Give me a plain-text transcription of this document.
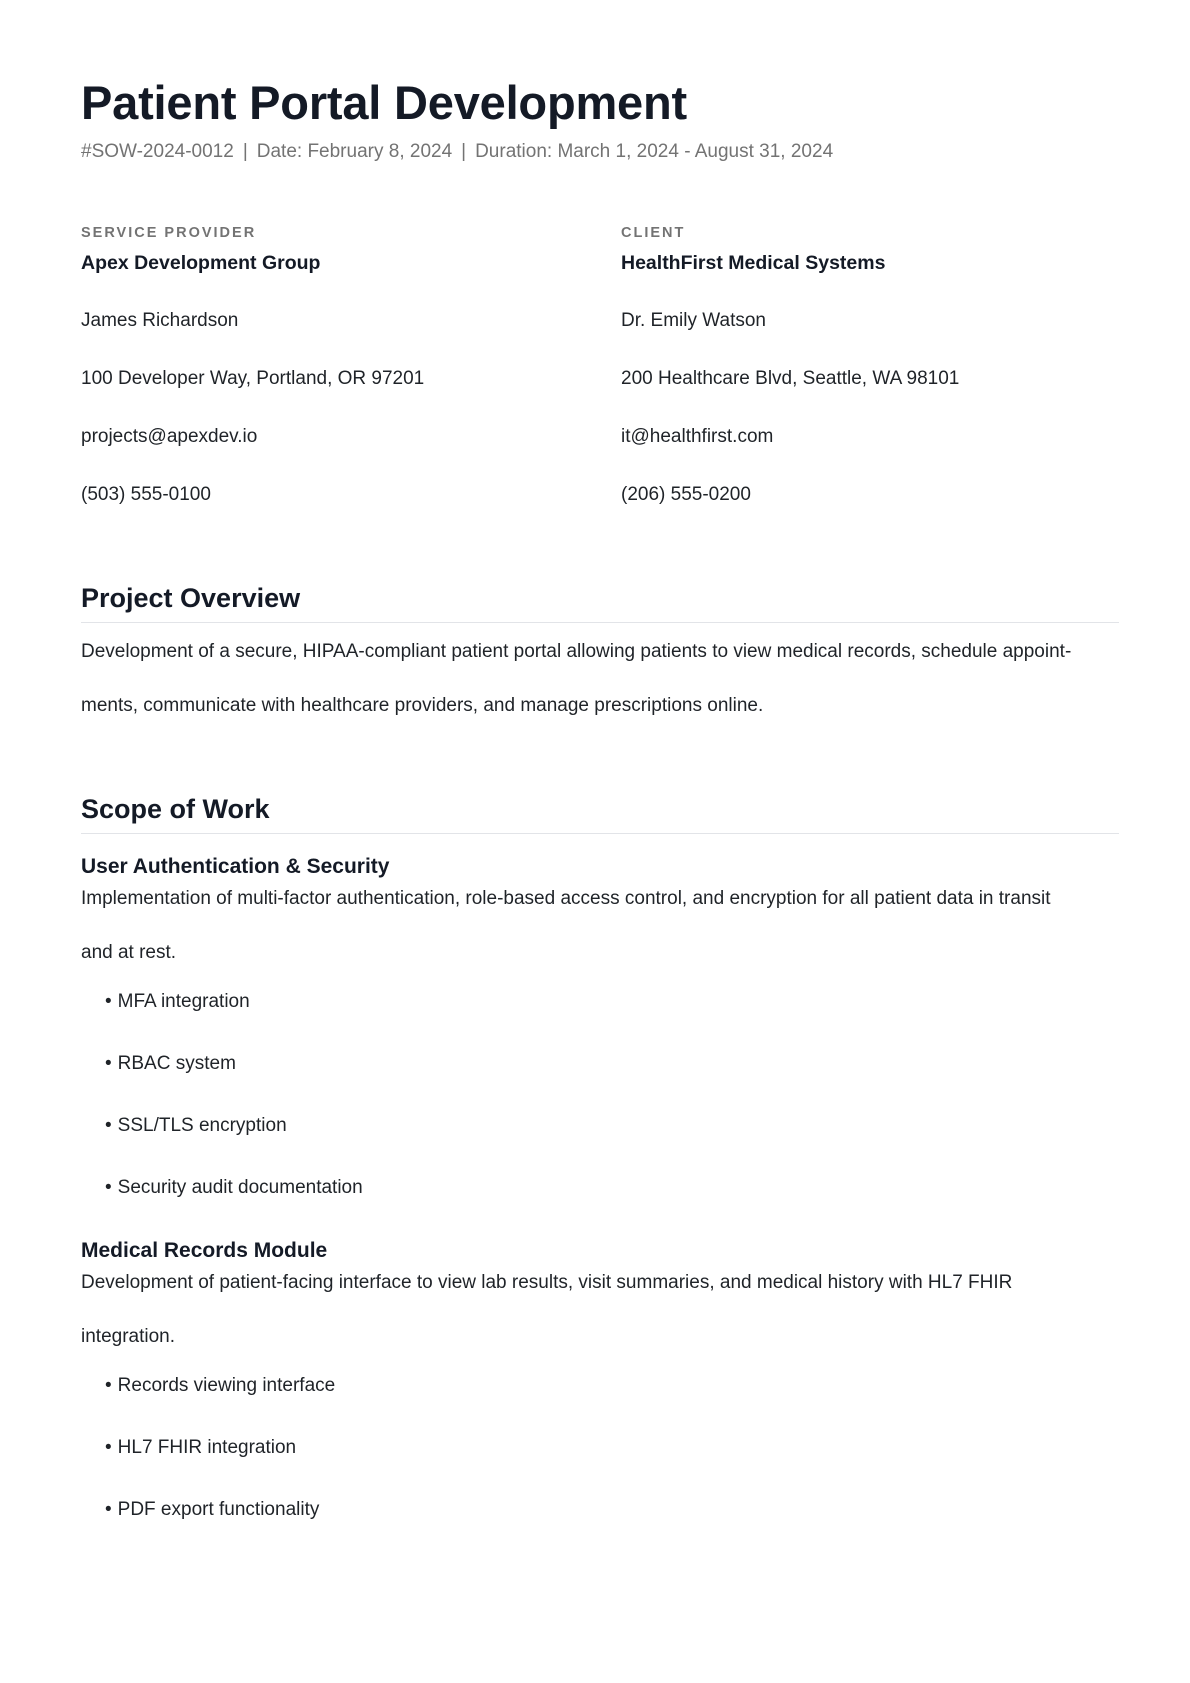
Patient Portal Development
#SOW-2024-0012 | Date: February 8, 2024 | Duration: March 1, 2024 - August 31, 2024
SERVICE PROVIDER
Apex Development Group
James Richardson
100 Developer Way, Portland, OR 97201
projects@apexdev.io
(503) 555-0100
CLIENT
HealthFirst Medical Systems
Dr. Emily Watson
200 Healthcare Blvd, Seattle, WA 98101
it@healthfirst.com
(206) 555-0200
Project Overview

Development of a secure, HIPAA-compliant patient portal allowing patients to view medical records, schedule appoint-
ments, communicate with healthcare providers, and manage prescriptions online.

Scope of Work
User Authentication & Security

Implementation of multi-factor authentication, role-based access control, and encryption for all patient data in transit
and at rest.

• MFA integration
• RBAC system
• SSL/TLS encryption
• Security audit documentation
Medical Records Module

Development of patient-facing interface to view lab results, visit summaries, and medical history with HL7 FHIR
integration.

• Records viewing interface
• HL7 FHIR integration
• PDF export functionality
